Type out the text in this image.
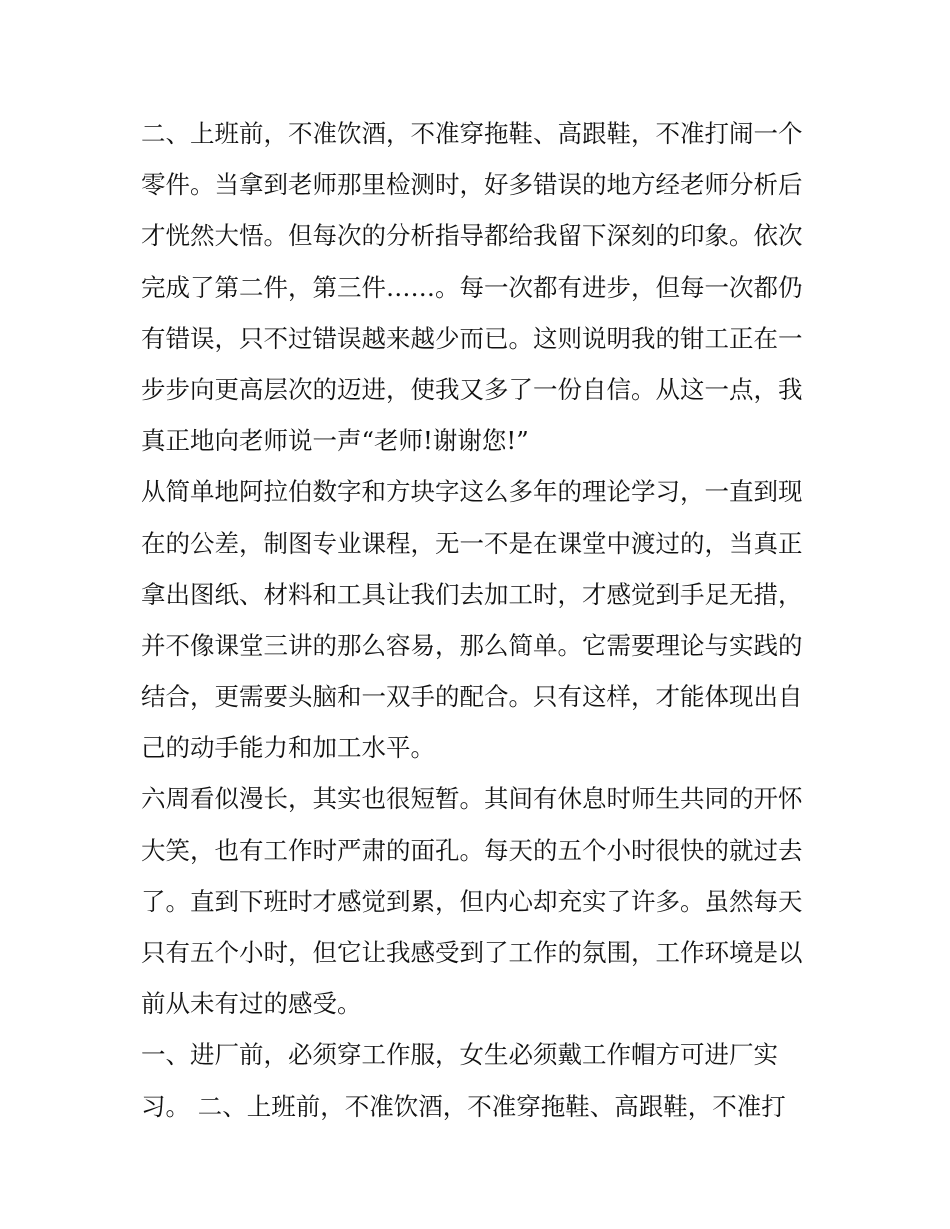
二、上班前，不准饮酒，不准穿拖鞋、高跟鞋，不准打闹一个
零件。当拿到老师那里检测时，好多错误的地方经老师分析后
才恍然大悟。但每次的分析指导都给我留下深刻的印象。依次
完成了第二件，第三件……。每一次都有进步，但每一次都仍
有错误，只不过错误越来越少而已。这则说明我的钳工正在一
步步向更高层次的迈进，使我又多了一份自信。从这一点，我
真正地向老师说一声“老师!谢谢您!”
从简单地阿拉伯数字和方块字这么多年的理论学习，一直到现
在的公差，制图专业课程，无一不是在课堂中渡过的，当真正
拿出图纸、材料和工具让我们去加工时，才感觉到手足无措，
并不像课堂三讲的那么容易，那么简单。它需要理论与实践的
结合，更需要头脑和一双手的配合。只有这样，才能体现出自
己的动手能力和加工水平。
六周看似漫长，其实也很短暂。其间有休息时师生共同的开怀
大笑，也有工作时严肃的面孔。每天的五个小时很快的就过去
了。直到下班时才感觉到累，但内心却充实了许多。虽然每天
只有五个小时，但它让我感受到了工作的氛围，工作环境是以
前从未有过的感受。
一、进厂前，必须穿工作服，女生必须戴工作帽方可进厂实
习。 二、上班前，不准饮酒，不准穿拖鞋、高跟鞋，不准打
